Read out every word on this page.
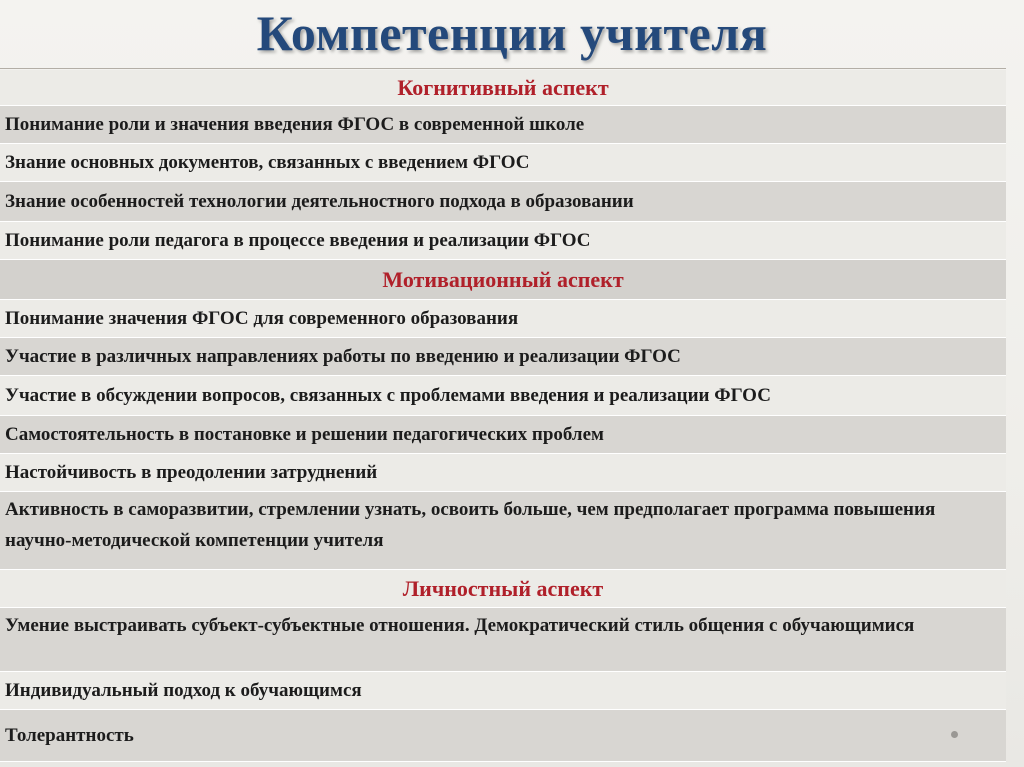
Компетенции учителя
Когнитивный аспект
Понимание роли и значения введения ФГОС в современной школе
Знание основных документов, связанных с введением ФГОС
Знание особенностей технологии деятельностного подхода в образовании
Понимание роли педагога в процессе введения и реализации ФГОС
Мотивационный аспект
Понимание значения ФГОС для современного образования
Участие в различных направлениях работы по введению и реализации ФГОС
Участие в обсуждении вопросов, связанных с проблемами введения и реализации ФГОС
Самостоятельность в постановке и решении педагогических проблем
Настойчивость в преодолении затруднений
Активность в саморазвитии, стремлении узнать, освоить больше, чем предполагает программа повышения научно-методической компетенции учителя
Личностный аспект
Умение выстраивать субъект-субъектные отношения. Демократический стиль общения с обучающимися
Индивидуальный подход к обучающимся
Толерантность
